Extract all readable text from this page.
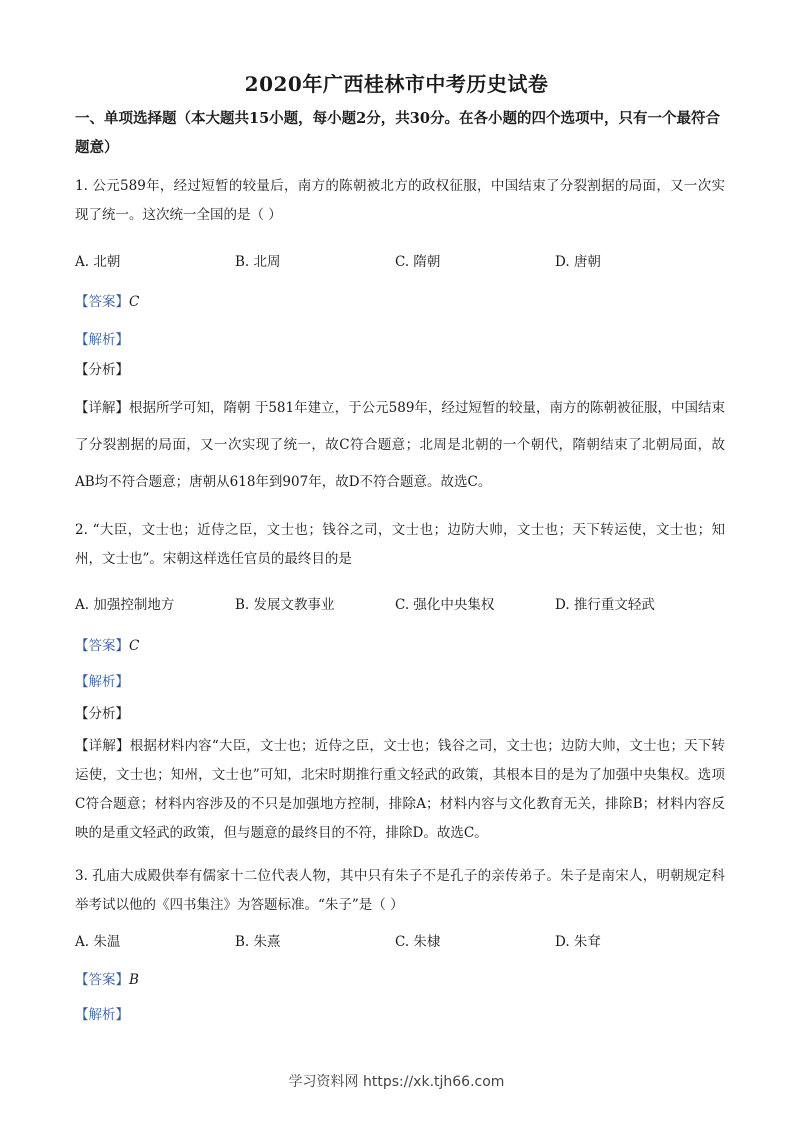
2020年广西桂林市中考历史试卷
一、单项选择题（本大题共15小题，每小题2分，共30分。在各小题的四个选项中，只有一个最符合题意）
1. 公元589年，经过短暂的较量后，南方的陈朝被北方的政权征服，中国结束了分裂割据的局面，又一次实现了统一。这次统一全国的是（ ）
A. 北朝	B. 北周	C. 隋朝	D. 唐朝
【答案】C
【解析】
【分析】
【详解】根据所学可知，隋朝 于581年建立，于公元589年，经过短暂的较量，南方的陈朝被征服，中国结束了分裂割据的局面，又一次实现了统一，故C符合题意；北周是北朝的一个朝代，隋朝结束了北朝局面，故AB均不符合题意；唐朝从618年到907年，故D不符合题意。故选C。
2. “大臣，文士也；近侍之臣，文士也；钱谷之司，文士也；边防大帅，文士也；天下转运使，文士也；知州，文士也”。宋朝这样选任官员的最终目的是
A. 加强控制地方	B. 发展文教事业	C. 强化中央集权	D. 推行重文轻武
【答案】C
【解析】
【分析】
【详解】根据材料内容“大臣，文士也；近侍之臣，文士也；钱谷之司，文士也；边防大帅，文士也；天下转运使，文士也；知州，文士也”可知，北宋时期推行重文轻武的政策，其根本目的是为了加强中央集权。选项C符合题意；材料内容涉及的不只是加强地方控制，排除A；材料内容与文化教育无关，排除B；材料内容反映的是重文轻武的政策，但与题意的最终目的不符，排除D。故选C。
3. 孔庙大成殿供奉有儒家十二位代表人物，其中只有朱子不是孔子的亲传弟子。朱子是南宋人，明朝规定科举考试以他的《四书集注》为答题标准。“朱子”是（ ）
A. 朱温	B. 朱熹	C. 朱棣	D. 朱耷
【答案】B
【解析】
学习资料网 https://xk.tjh66.com
